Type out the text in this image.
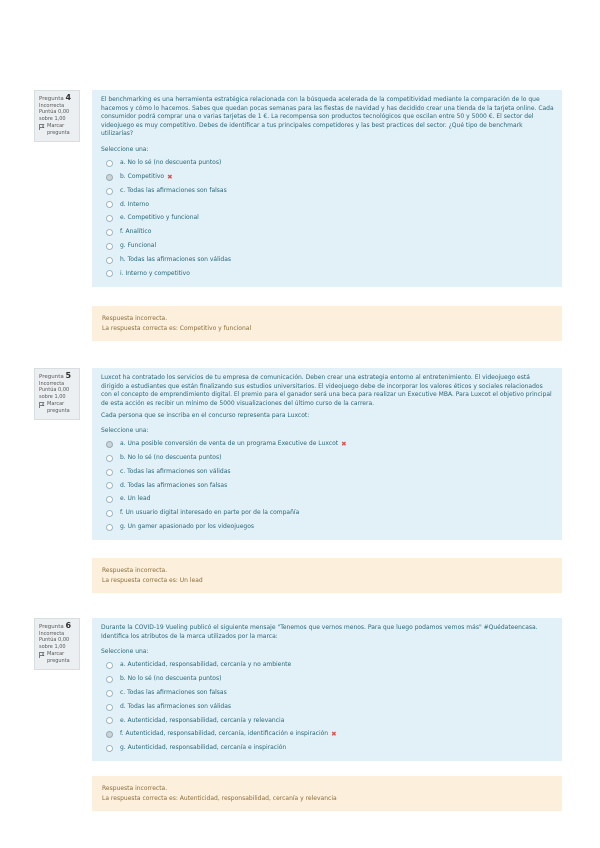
Pregunta 4
Incorrecta
Puntúa 0,00 sobre 1,00
Marcar pregunta

El benchmarking es una herramienta estratégica relacionada con la búsqueda acelerada de la competitividad mediante la comparación de lo que hacemos y cómo lo hacemos. Sabes que quedan pocas semanas para las fiestas de navidad y has decidido crear una tienda de la tarjeta online. Cada consumidor podrá comprar una o varias tarjetas de 1 €. La recompensa son productos tecnológicos que oscilan entre 50 y 5000 €. El sector del videojuego es muy competitivo. Debes de identificar a tus principales competidores y las best practices del sector. ¿Qué tipo de benchmark utilizarías?

Seleccione una:

a. No lo sé (no descuenta puntos)
b. Competitivo ✖
c. Todas las afirmaciones son falsas
d. Interno
e. Competitivo y funcional
f. Analítico
g. Funcional
h. Todas las afirmaciones son válidas
i. Interno y competitivo
Respuesta incorrecta.
La respuesta correcta es: Competitivo y funcional
Pregunta 5
Incorrecta
Puntúa 0,00 sobre 1,00
Marcar pregunta

Luxcot ha contratado los servicios de tu empresa de comunicación. Deben crear una estrategia entorno al entretenimiento. El videojuego está dirigido a estudiantes que están finalizando sus estudios universitarios. El videojuego debe de incorporar los valores éticos y sociales relacionados con el concepto de emprendimiento digital. El premio para el ganador será una beca para realizar un Executive MBA. Para Luxcot el objetivo principal de esta acción es recibir un mínimo de 5000 visualizaciones del último curso de la carrera.

Cada persona que se inscriba en el concurso representa para Luxcot:

Seleccione una:

a. Una posible conversión de venta de un programa Executive de Luxcot ✖
b. No lo sé (no descuenta puntos)
c. Todas las afirmaciones son válidas
d. Todas las afirmaciones son falsas
e. Un lead
f. Un usuario digital interesado en parte por de la compañía
g. Un gamer apasionado por los videojuegos
Respuesta incorrecta.
La respuesta correcta es: Un lead
Pregunta 6
Incorrecta
Puntúa 0,00 sobre 1,00
Marcar pregunta

Durante la COVID-19 Vueling publicó el siguiente mensaje "Tenemos que vernos menos. Para que luego podamos vernos más" #Quédateencasa. Identifica los atributos de la marca utilizados por la marca:

Seleccione una:

a. Autenticidad, responsabilidad, cercanía y no ambiente
b. No lo sé (no descuenta puntos)
c. Todas las afirmaciones son falsas
d. Todas las afirmaciones son válidas
e. Autenticidad, responsabilidad, cercanía y relevancia
f. Autenticidad, responsabilidad, cercanía, identificación e inspiración ✖
g. Autenticidad, responsabilidad, cercanía e inspiración
Respuesta incorrecta.
La respuesta correcta es: Autenticidad, responsabilidad, cercanía y relevancia
